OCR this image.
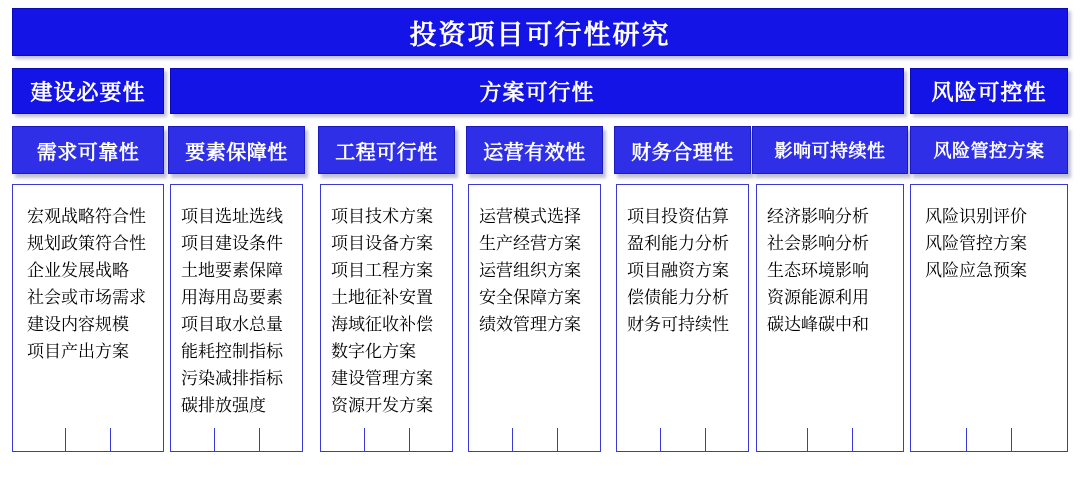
投资项目可行性研究
建设必要性	方案可行性	风险可控性
需求可靠性
宏观战略符合性
规划政策符合性
企业发展战略
社会或市场需求
建设内容规模
项目产出方案
要素保障性
项目选址选线
项目建设条件
土地要素保障
用海用岛要素
项目取水总量
能耗控制指标
污染减排指标
碳排放强度
工程可行性
项目技术方案
项目设备方案
项目工程方案
土地征补安置
海域征收补偿
数字化方案
建设管理方案
资源开发方案
运营有效性
运营模式选择
生产经营方案
运营组织方案
安全保障方案
绩效管理方案
财务合理性
项目投资估算
盈利能力分析
项目融资方案
偿债能力分析
财务可持续性
影响可持续性
经济影响分析
社会影响分析
生态环境影响
资源能源利用
碳达峰碳中和
风险管控方案
风险识别评价
风险管控方案
风险应急预案
